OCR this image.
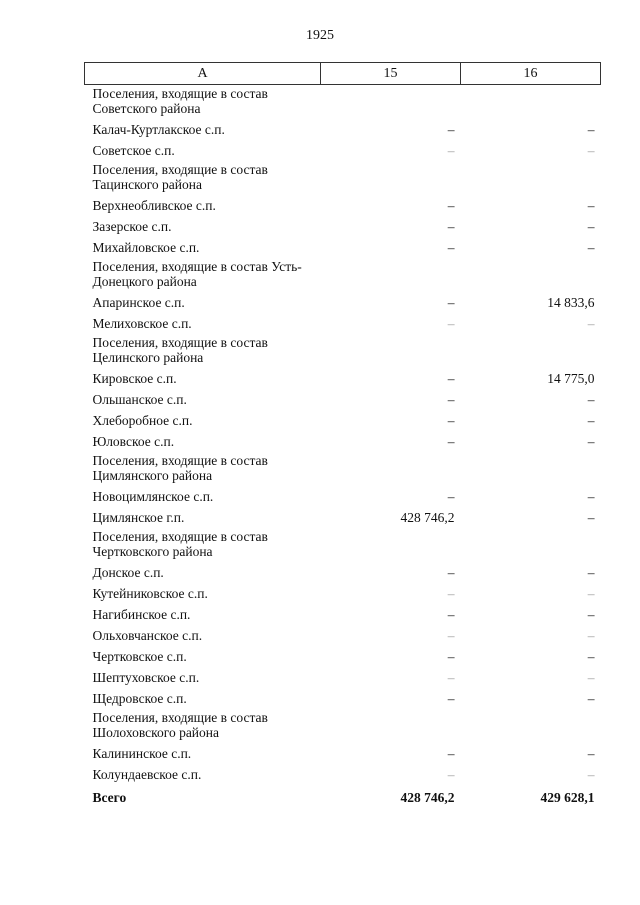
1925
А	15	16
Поселения, входящие в состав Советского района		
Калач-Куртлакское с.п.	–	–
Советское с.п.	–	–
Поселения, входящие в состав Тацинского района		
Верхнеобливское с.п.	–	–
Зазерское с.п.	–	–
Михайловское с.п.	–	–
Поселения, входящие в состав Усть-Донецкого района		
Апаринское с.п.	–	14 833,6
Мелиховское с.п.	–	–
Поселения, входящие в состав Целинского района		
Кировское с.п.	–	14 775,0
Ольшанское с.п.	–	–
Хлеборобное с.п.	–	–
Юловское с.п.	–	–
Поселения, входящие в состав Цимлянского района		
Новоцимлянское с.п.	–	–
Цимлянское г.п.	428 746,2	–
Поселения, входящие в состав Чертковского района		
Донское с.п.	–	–
Кутейниковское с.п.	–	–
Нагибинское с.п.	–	–
Ольховчанское с.п.	–	–
Чертковское с.п.	–	–
Шептуховское с.п.	–	–
Щедровское с.п.	–	–
Поселения, входящие в состав Шолоховского района		
Калининское с.п.	–	–
Колундаевское с.п.	–	–
Всего	428 746,2	429 628,1
